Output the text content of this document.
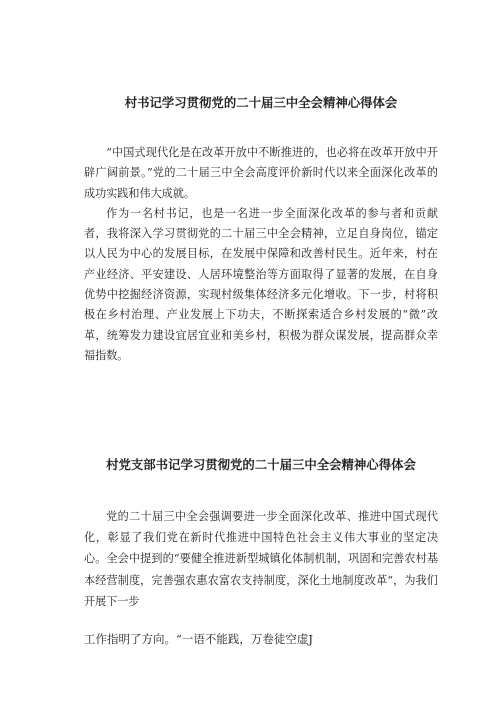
村书记学习贯彻党的二十届三中全会精神心得体会

“中国式现代化是在改革开放中不断推进的，也必将在改革开放中开辟广阔前景。”党的二十届三中全会高度评价新时代以来全面深化改革的成功实践和伟大成就。

作为一名村书记，也是一名进一步全面深化改革的参与者和贡献者，我将深入学习贯彻党的二十届三中全会精神，立足自身岗位，锚定以人民为中心的发展目标，在发展中保障和改善村民生。近年来，村在产业经济、平安建设、人居环境整治等方面取得了显著的发展，在自身优势中挖掘经济资源，实现村级集体经济多元化增收。下一步，村将积极在乡村治理、产业发展上下功夫，不断探索适合乡村发展的“微”改革，统筹发力建设宜居宜业和美乡村，积极为群众谋发展，提高群众幸福指数。

村党支部书记学习贯彻党的二十届三中全会精神心得体会

党的二十届三中全会强调要进一步全面深化改革、推进中国式现代化，彰显了我们党在新时代推进中国特色社会主义伟大事业的坚定决心。全会中提到的“要健全推进新型城镇化体制机制，巩固和完善农村基本经营制度，完善强农惠农富农支持制度，深化土地制度改革“，为我们开展下一步

工作指明了方向。“一语不能践，万卷徒空虚J
